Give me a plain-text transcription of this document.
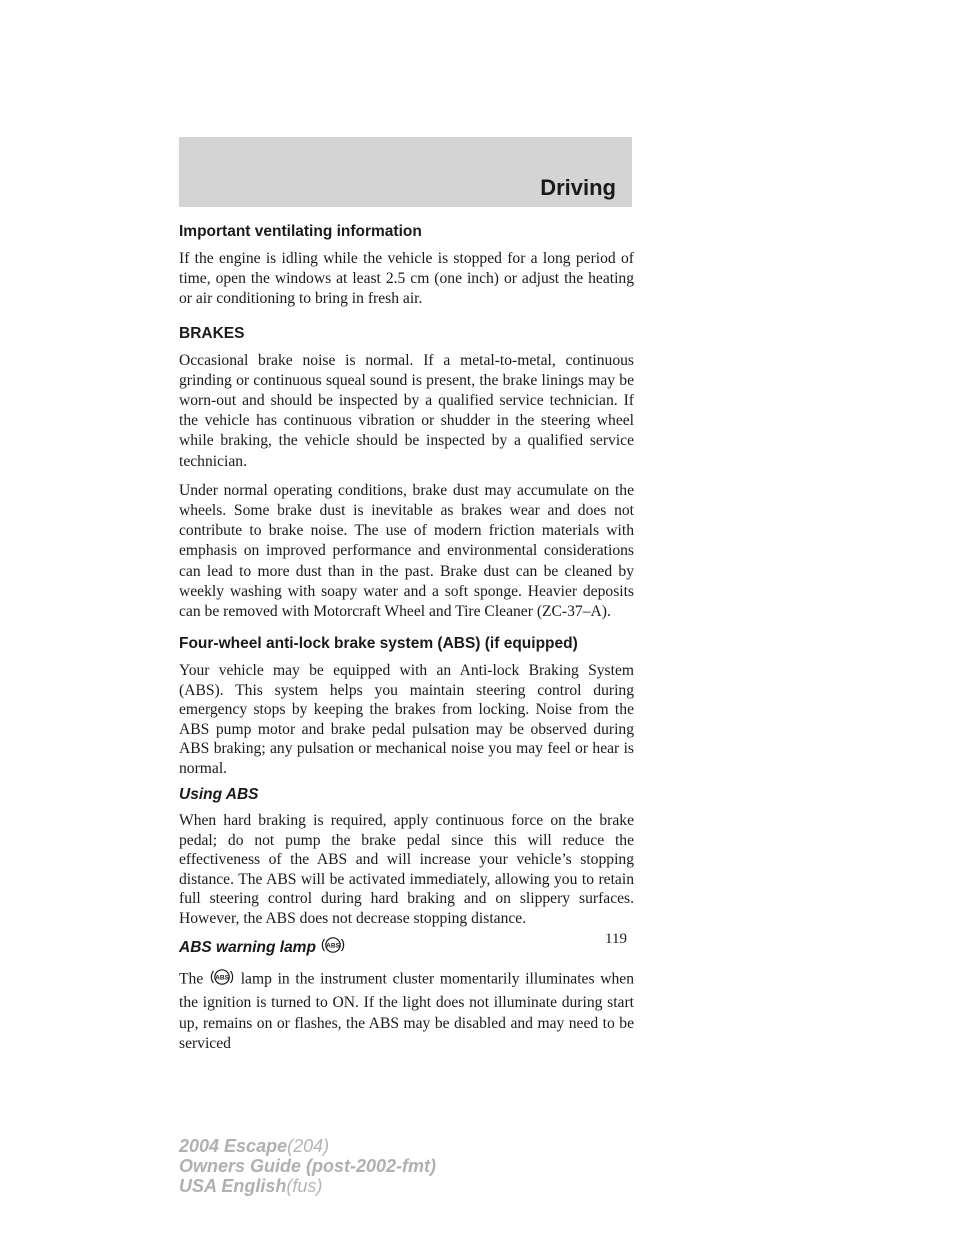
Driving
Important ventilating information

If the engine is idling while the vehicle is stopped for a long period of time, open the windows at least 2.5 cm (one inch) or adjust the heating or air conditioning to bring in fresh air.

BRAKES

Occasional brake noise is normal. If a metal-to-metal, continuous grinding or continuous squeal sound is present, the brake linings may be worn-out and should be inspected by a qualified service technician. If the vehicle has continuous vibration or shudder in the steering wheel while braking, the vehicle should be inspected by a qualified service technician.

Under normal operating conditions, brake dust may accumulate on the wheels. Some brake dust is inevitable as brakes wear and does not contribute to brake noise. The use of modern friction materials with emphasis on improved performance and environmental considerations can lead to more dust than in the past. Brake dust can be cleaned by weekly washing with soapy water and a soft sponge. Heavier deposits can be removed with Motorcraft Wheel and Tire Cleaner (ZC-37–A).

Four-wheel anti-lock brake system (ABS) (if equipped)

Your vehicle may be equipped with an Anti-lock Braking System (ABS). This system helps you maintain steering control during emergency stops by keeping the brakes from locking. Noise from the ABS pump motor and brake pedal pulsation may be observed during ABS braking; any pulsation or mechanical noise you may feel or hear is normal.

Using ABS

When hard braking is required, apply continuous force on the brake pedal; do not pump the brake pedal since this will reduce the effectiveness of the ABS and will increase your vehicle’s stopping distance. The ABS will be activated immediately, allowing you to retain full steering control during hard braking and on slippery surfaces. However, the ABS does not decrease stopping distance.

ABS warning lamp ABS

The ABS lamp in the instrument cluster momentarily illuminates when the ignition is turned to ON. If the light does not illuminate during start up, remains on or flashes, the ABS may be disabled and may need to be serviced

119
2004 Escape(204)
Owners Guide (post-2002-fmt)
USA English(fus)
